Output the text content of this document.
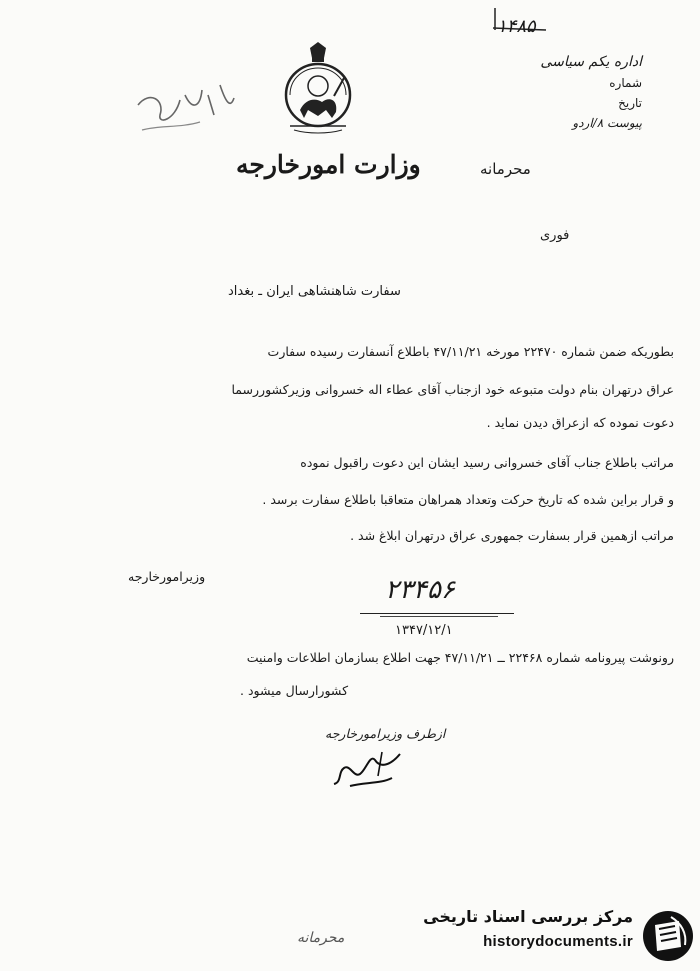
۱۴۸۵
اداره یکم سیاسی
شماره
تاریخ
پیوست ۸/اردو
وزارت امورخارجه	محرمانه
فوری
سفارت شاهنشاهی ایران ـ بغداد
بطوریکه ضمن شماره ۲۲۴۷۰ مورخه ۴۷/۱۱/۲۱ باطلاع آنسفارت رسیده سفارت
عراق درتهران بنام دولت متبوعه خود ازجناب آقای عطاء اله خسروانی وزیرکشوررسما
دعوت نموده که ازعراق دیدن نماید .
مراتب باطلاع جناب آقای خسروانی رسید ایشان این دعوت راقبول نموده
و قرار براین شده که تاریخ حرکت وتعداد همراهان متعاقبا باطلاع سفارت برسد .
مراتب ازهمین قرار بسفارت جمهوری عراق درتهران ابلاغ شد .
وزیرامورخارجه	۲۳۴۵۶
۱۳۴۷/۱۲/۱
رونوشت پیرونامه شماره ۲۲۴۶۸ ــ ۴۷/۱۱/۲۱ جهت اطلاع بسازمان اطلاعات وامنیت
کشورارسال میشود .
ازطرف وزیرامورخارجه
محرمانه
مرکز بررسی اسناد تاریخی
historydocuments.ir
